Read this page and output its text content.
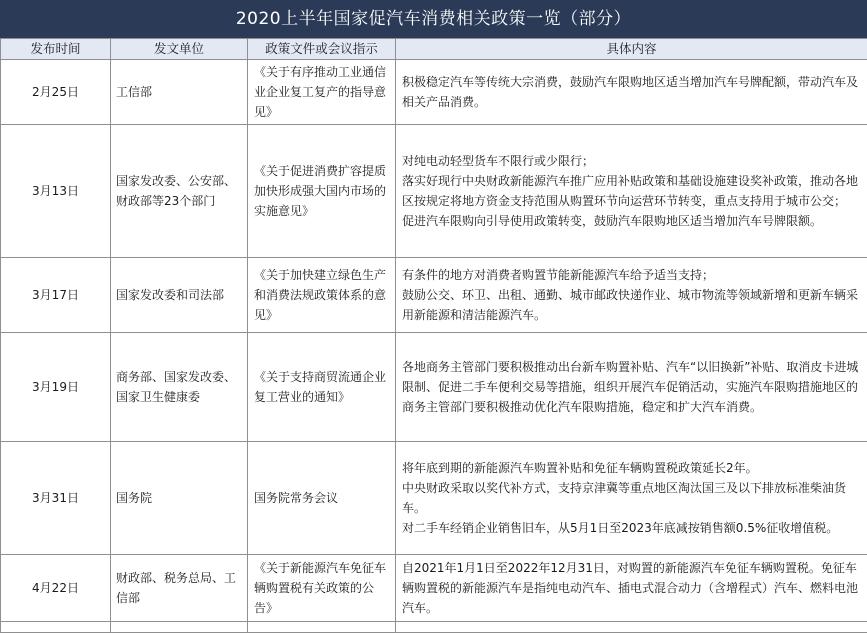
2020上半年国家促汽车消费相关政策一览（部分）
发布时间	发文单位	政策文件或会议指示	具体内容
2月25日	工信部	《关于有序推动工业通信业企业复工复产的指导意见》	积极稳定汽车等传统大宗消费，鼓励汽车限购地区适当增加汽车号牌配额，带动汽车及相关产品消费。

3月13日	国家发改委、公安部、财政部等23个部门	《关于促进消费扩容提质加快形成强大国内市场的实施意见》	对纯电动轻型货车不限行或少限行；
落实好现行中央财政新能源汽车推广应用补贴政策和基础设施建设奖补政策，推动各地区按规定将地方资金支持范围从购置环节向运营环节转变，重点支持用于城市公交；
促进汽车限购向引导使用政策转变，鼓励汽车限购地区适当增加汽车号牌限额。

3月17日	国家发改委和司法部	《关于加快建立绿色生产和消费法规政策体系的意见》	有条件的地方对消费者购置节能新能源汽车给予适当支持；
鼓励公交、环卫、出租、通勤、城市邮政快递作业、城市物流等领域新增和更新车辆采用新能源和清洁能源汽车。

3月19日	商务部、国家发改委、国家卫生健康委	《关于支持商贸流通企业复工营业的通知》	各地商务主管部门要积极推动出台新车购置补贴、汽车“以旧换新”补贴、取消皮卡进城限制、促进二手车便利交易等措施，组织开展汽车促销活动，实施汽车限购措施地区的商务主管部门要积极推动优化汽车限购措施，稳定和扩大汽车消费。

3月31日	国务院	国务院常务会议	将年底到期的新能源汽车购置补贴和免征车辆购置税政策延长2年。
中央财政采取以奖代补方式，支持京津冀等重点地区淘汰国三及以下排放标准柴油货车。
对二手车经销企业销售旧车，从5月1日至2023年底减按销售额0.5%征收增值税。

4月22日	财政部、税务总局、工信部	《关于新能源汽车免征车辆购置税有关政策的公告》	自2021年1月1日至2022年12月31日，对购置的新能源汽车免征车辆购置税。免征车辆购置税的新能源汽车是指纯电动汽车、插电式混合动力（含增程式）汽车、燃料电池汽车。
